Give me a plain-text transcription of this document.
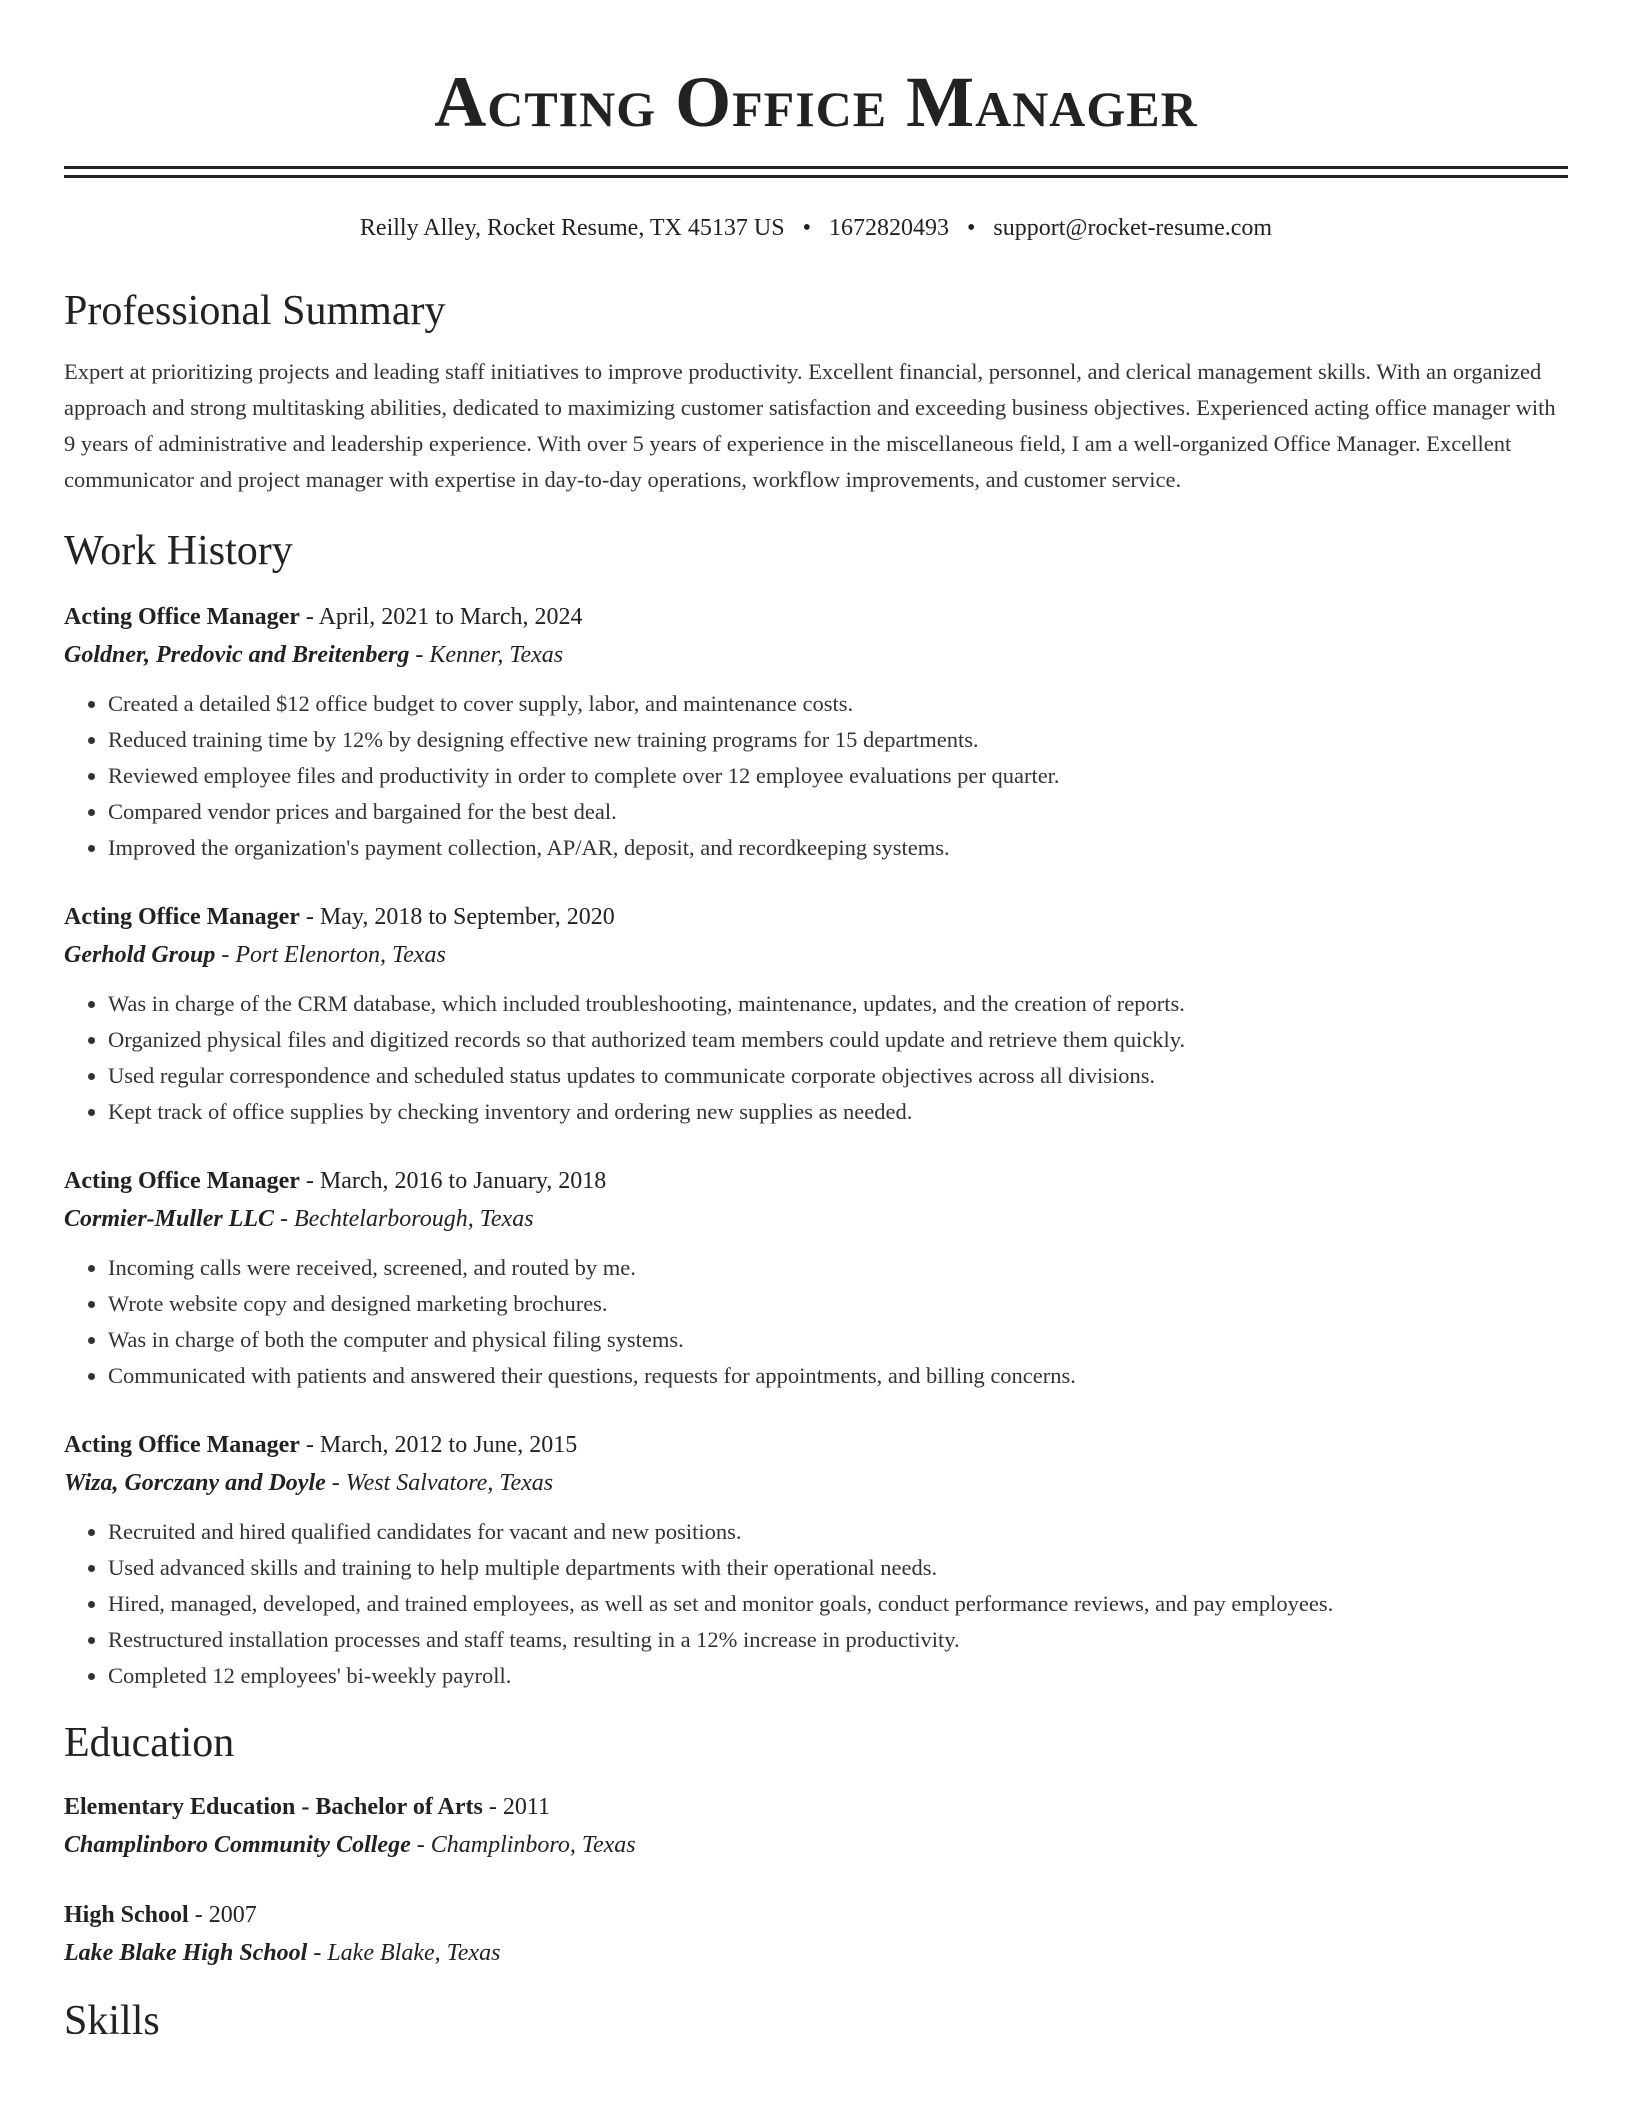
Acting Office Manager
Reilly Alley, Rocket Resume, TX 45137 US • 1672820493 • support@rocket-resume.com
Professional Summary

Expert at prioritizing projects and leading staff initiatives to improve productivity. Excellent financial, personnel, and clerical management skills. With an organized approach and strong multitasking abilities, dedicated to maximizing customer satisfaction and exceeding business objectives. Experienced acting office manager with 9 years of administrative and leadership experience. With over 5 years of experience in the miscellaneous field, I am a well-organized Office Manager. Excellent communicator and project manager with expertise in day-to-day operations, workflow improvements, and customer service.

Work History

Acting Office Manager - April, 2021 to March, 2024

Goldner, Predovic and Breitenberg - Kenner, Texas

• Created a detailed $12 office budget to cover supply, labor, and maintenance costs.
• Reduced training time by 12% by designing effective new training programs for 15 departments.
• Reviewed employee files and productivity in order to complete over 12 employee evaluations per quarter.
• Compared vendor prices and bargained for the best deal.
• Improved the organization's payment collection, AP/AR, deposit, and recordkeeping systems.

Acting Office Manager - May, 2018 to September, 2020

Gerhold Group - Port Elenorton, Texas

• Was in charge of the CRM database, which included troubleshooting, maintenance, updates, and the creation of reports.
• Organized physical files and digitized records so that authorized team members could update and retrieve them quickly.
• Used regular correspondence and scheduled status updates to communicate corporate objectives across all divisions.
• Kept track of office supplies by checking inventory and ordering new supplies as needed.

Acting Office Manager - March, 2016 to January, 2018

Cormier-Muller LLC - Bechtelarborough, Texas

• Incoming calls were received, screened, and routed by me.
• Wrote website copy and designed marketing brochures.
• Was in charge of both the computer and physical filing systems.
• Communicated with patients and answered their questions, requests for appointments, and billing concerns.

Acting Office Manager - March, 2012 to June, 2015

Wiza, Gorczany and Doyle - West Salvatore, Texas

• Recruited and hired qualified candidates for vacant and new positions.
• Used advanced skills and training to help multiple departments with their operational needs.
• Hired, managed, developed, and trained employees, as well as set and monitor goals, conduct performance reviews, and pay employees.
• Restructured installation processes and staff teams, resulting in a 12% increase in productivity.
• Completed 12 employees' bi-weekly payroll.
Education

Elementary Education - Bachelor of Arts - 2011

Champlinboro Community College - Champlinboro, Texas

High School - 2007

Lake Blake High School - Lake Blake, Texas

Skills
